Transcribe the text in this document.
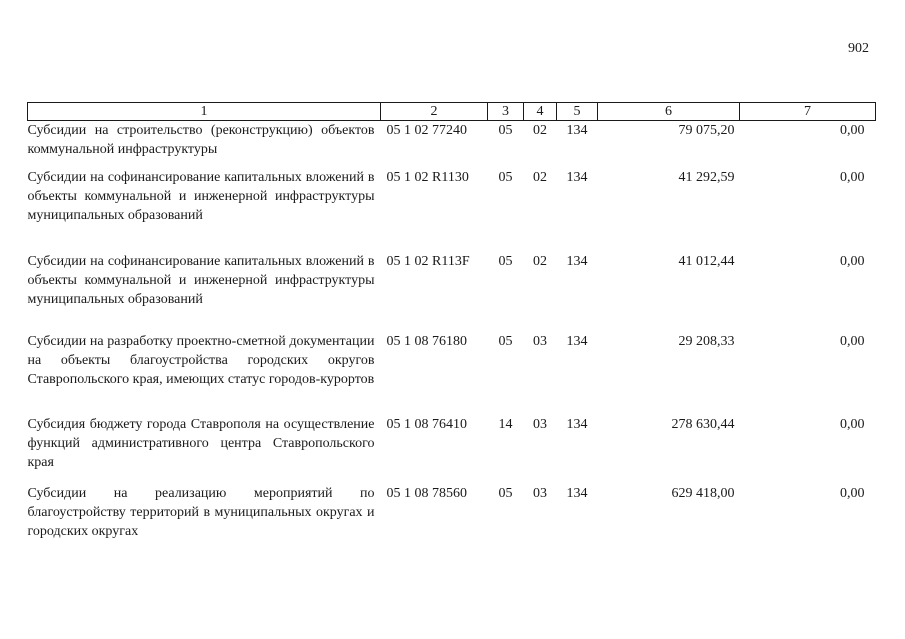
902
1	2	3	4	5	6	7
Субсидии на строительство (реконструкцию) объектов коммунальной инфраструктуры	05 1 02 77240	05	02	134	79 075,20	0,00
Субсидии на софинансирование капитальных вложений в объекты коммунальной и инженерной инфраструктуры муниципальных образований	05 1 02 R1130	05	02	134	41 292,59	0,00
Субсидии на софинансирование капитальных вложений в объекты коммунальной и инженерной инфраструктуры муниципальных образований	05 1 02 R113F	05	02	134	41 012,44	0,00
Субсидии на разработку проектно-сметной документации на объекты благоустройства городских округов Ставропольского края, имеющих статус городов-курортов	05 1 08 76180	05	03	134	29 208,33	0,00
Субсидия бюджету города Ставрополя на осуществление функций административного центра Ставропольского края	05 1 08 76410	14	03	134	278 630,44	0,00
Субсидии на реализацию мероприятий по благоустройству территорий в муниципальных округах и городских округах	05 1 08 78560	05	03	134	629 418,00	0,00
